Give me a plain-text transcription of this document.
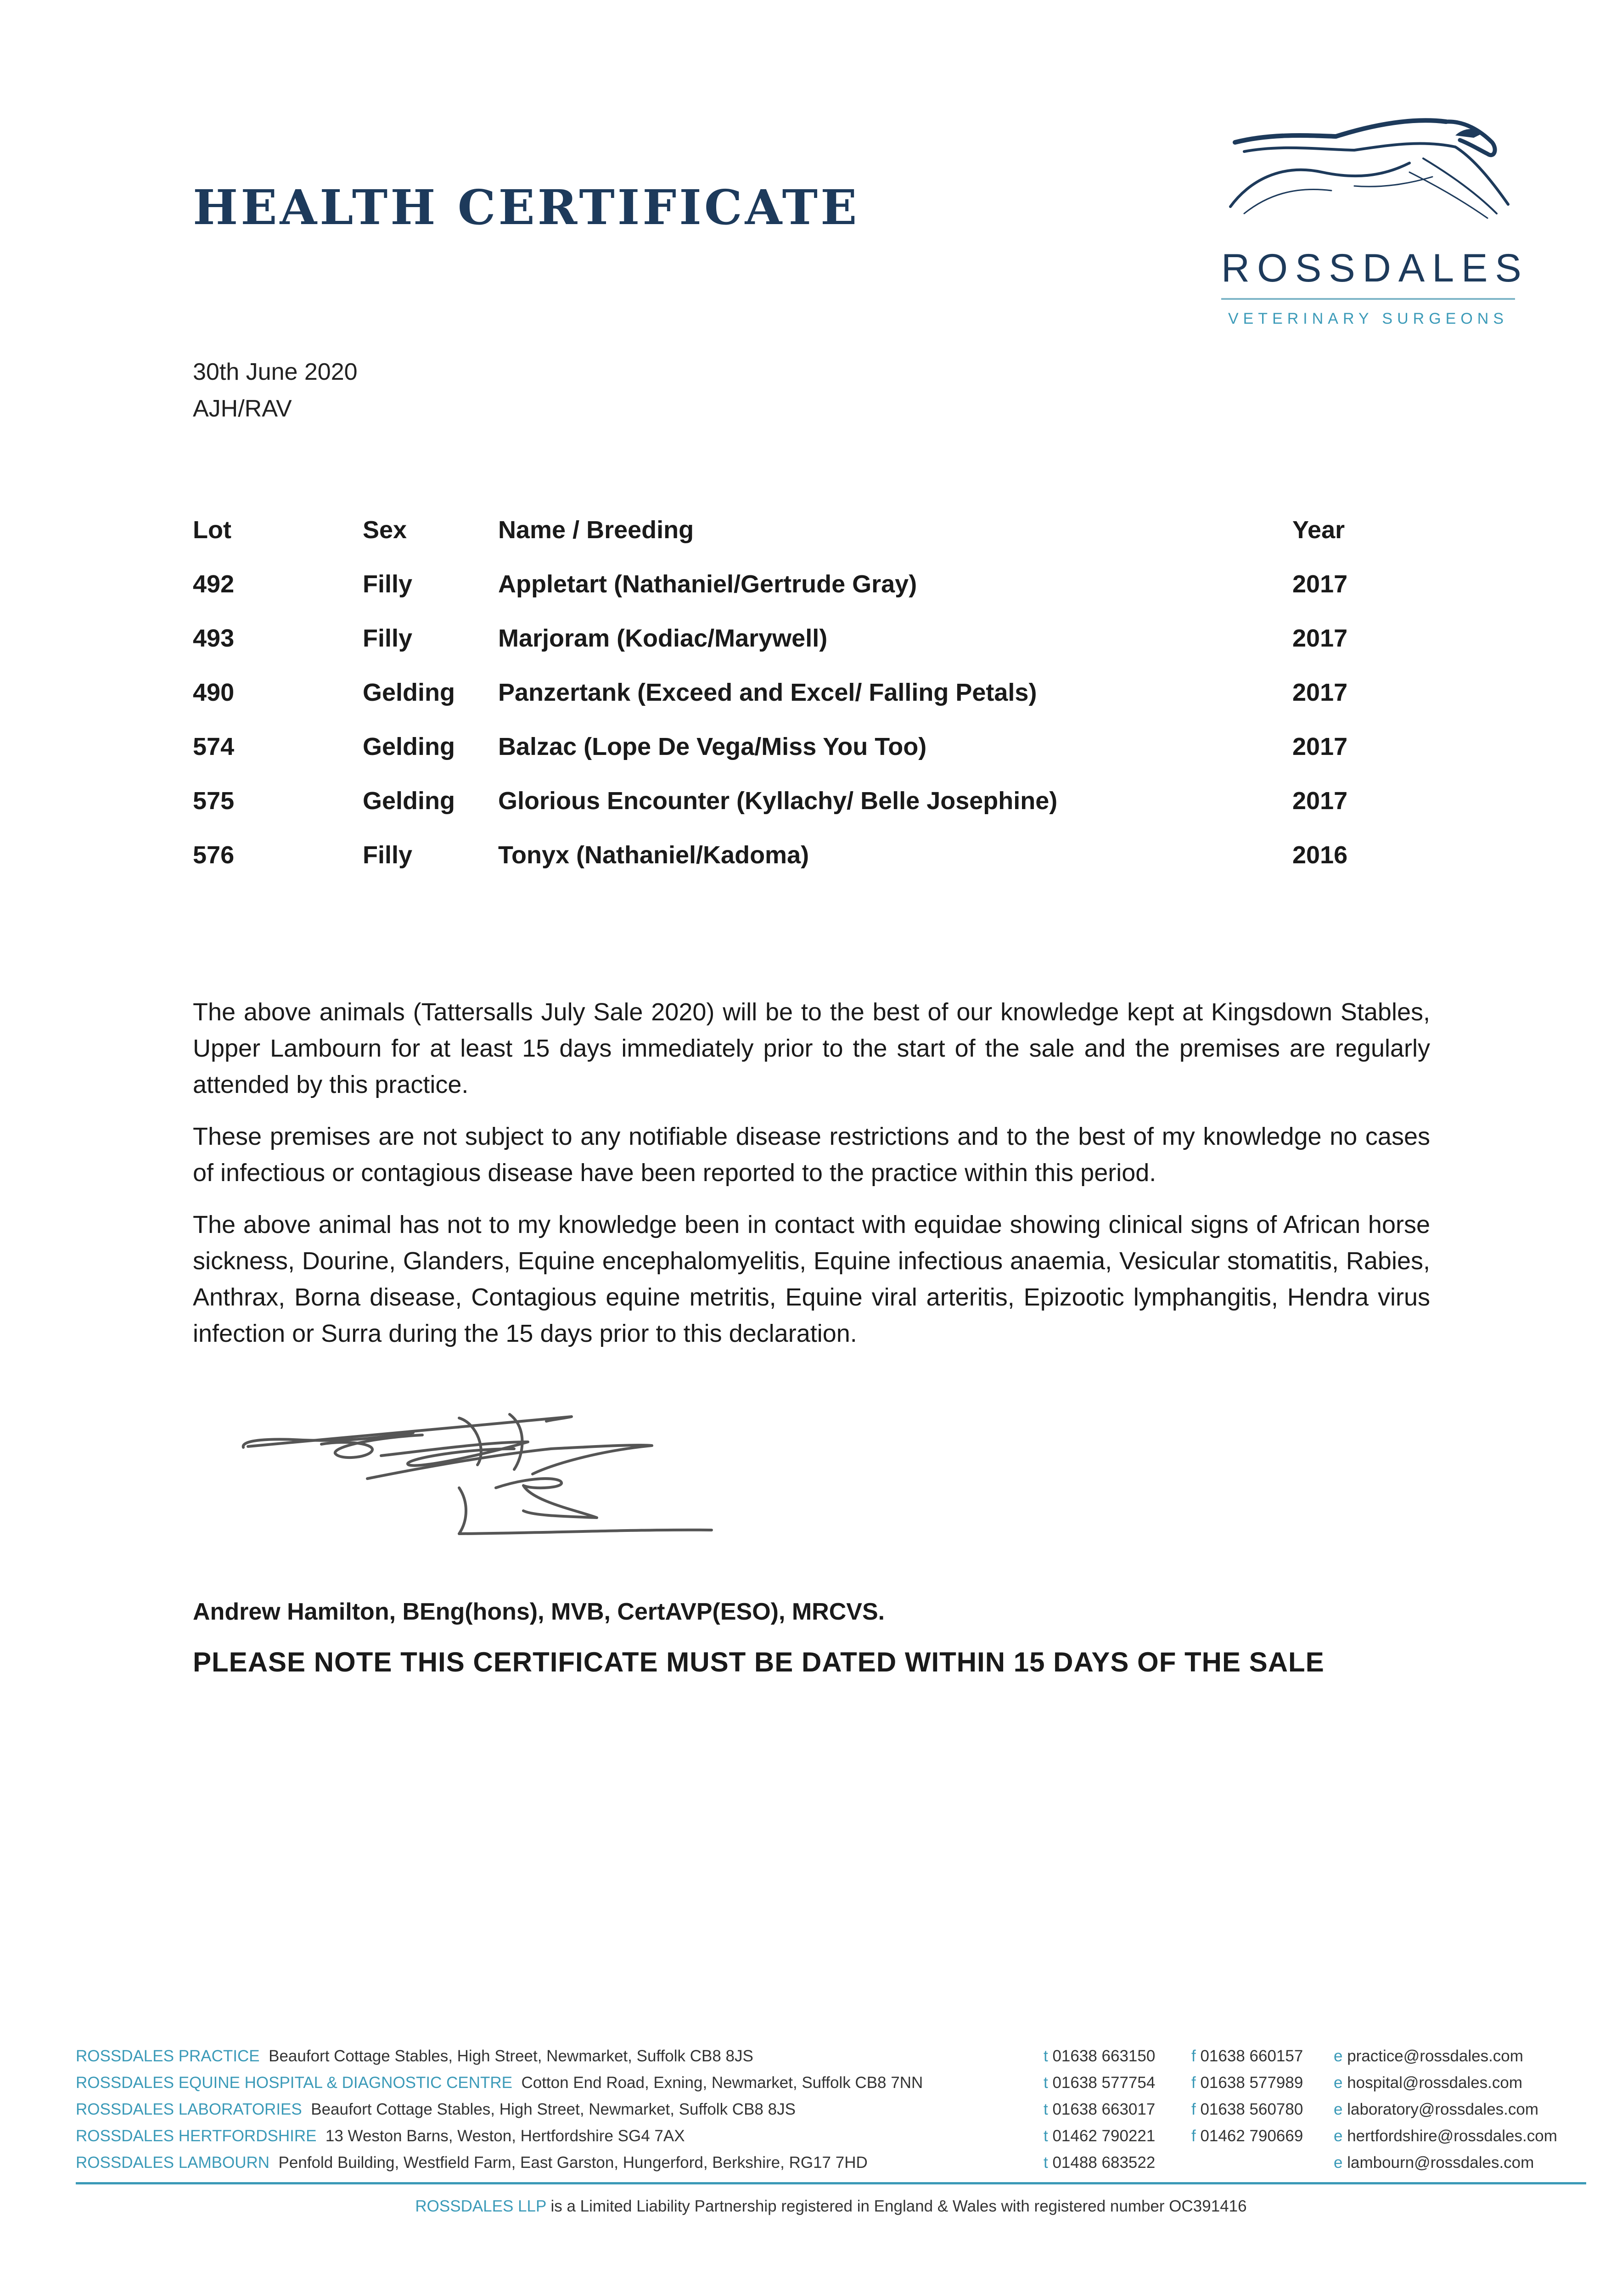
HEALTH CERTIFICATE
ROSSDALES
VETERINARY SURGEONS
30th June 2020
AJH/RAV
Lot	Sex	Name / Breeding	Year
492	Filly	Appletart (Nathaniel/Gertrude Gray)	2017
493	Filly	Marjoram (Kodiac/Marywell)	2017
490	Gelding	Panzertank (Exceed and Excel/ Falling Petals)	2017
574	Gelding	Balzac (Lope De Vega/Miss You Too)	2017
575	Gelding	Glorious Encounter (Kyllachy/ Belle Josephine)	2017
576	Filly	Tonyx (Nathaniel/Kadoma)	2016

The above animals (Tattersalls July Sale 2020) will be to the best of our knowledge kept at Kingsdown Stables, Upper Lambourn for at least 15 days immediately prior to the start of the sale and the premises are regularly attended by this practice.

These premises are not subject to any notifiable disease restrictions and to the best of my knowledge no cases of infectious or contagious disease have been reported to the practice within this period.

The above animal has not to my knowledge been in contact with equidae showing clinical signs of African horse sickness, Dourine, Glanders, Equine encephalomyelitis, Equine infectious anaemia, Vesicular stomatitis, Rabies, Anthrax, Borna disease, Contagious equine metritis, Equine viral arteritis, Epizootic lymphangitis, Hendra virus infection or Surra during the 15 days prior to this declaration.

Andrew Hamilton, BEng(hons), MVB, CertAVP(ESO), MRCVS.
PLEASE NOTE THIS CERTIFICATE MUST BE DATED WITHIN 15 DAYS OF THE SALE
ROSSDALES PRACTICE Beaufort Cottage Stables, High Street, Newmarket, Suffolk CB8 8JS	t 01638 663150 f 01638 660157 e practice@rossdales.com
ROSSDALES EQUINE HOSPITAL & DIAGNOSTIC CENTRE Cotton End Road, Exning, Newmarket, Suffolk CB8 7NN	t 01638 577754 f 01638 577989 e hospital@rossdales.com
ROSSDALES LABORATORIES Beaufort Cottage Stables, High Street, Newmarket, Suffolk CB8 8JS	t 01638 663017 f 01638 560780 e laboratory@rossdales.com
ROSSDALES HERTFORDSHIRE 13 Weston Barns, Weston, Hertfordshire SG4 7AX	t 01462 790221 f 01462 790669 e hertfordshire@rossdales.com
ROSSDALES LAMBOURN Penfold Building, Westfield Farm, East Garston, Hungerford, Berkshire, RG17 7HD	t 01488 683522	e lambourn@rossdales.com
ROSSDALES LLP is a Limited Liability Partnership registered in England & Wales with registered number OC391416
